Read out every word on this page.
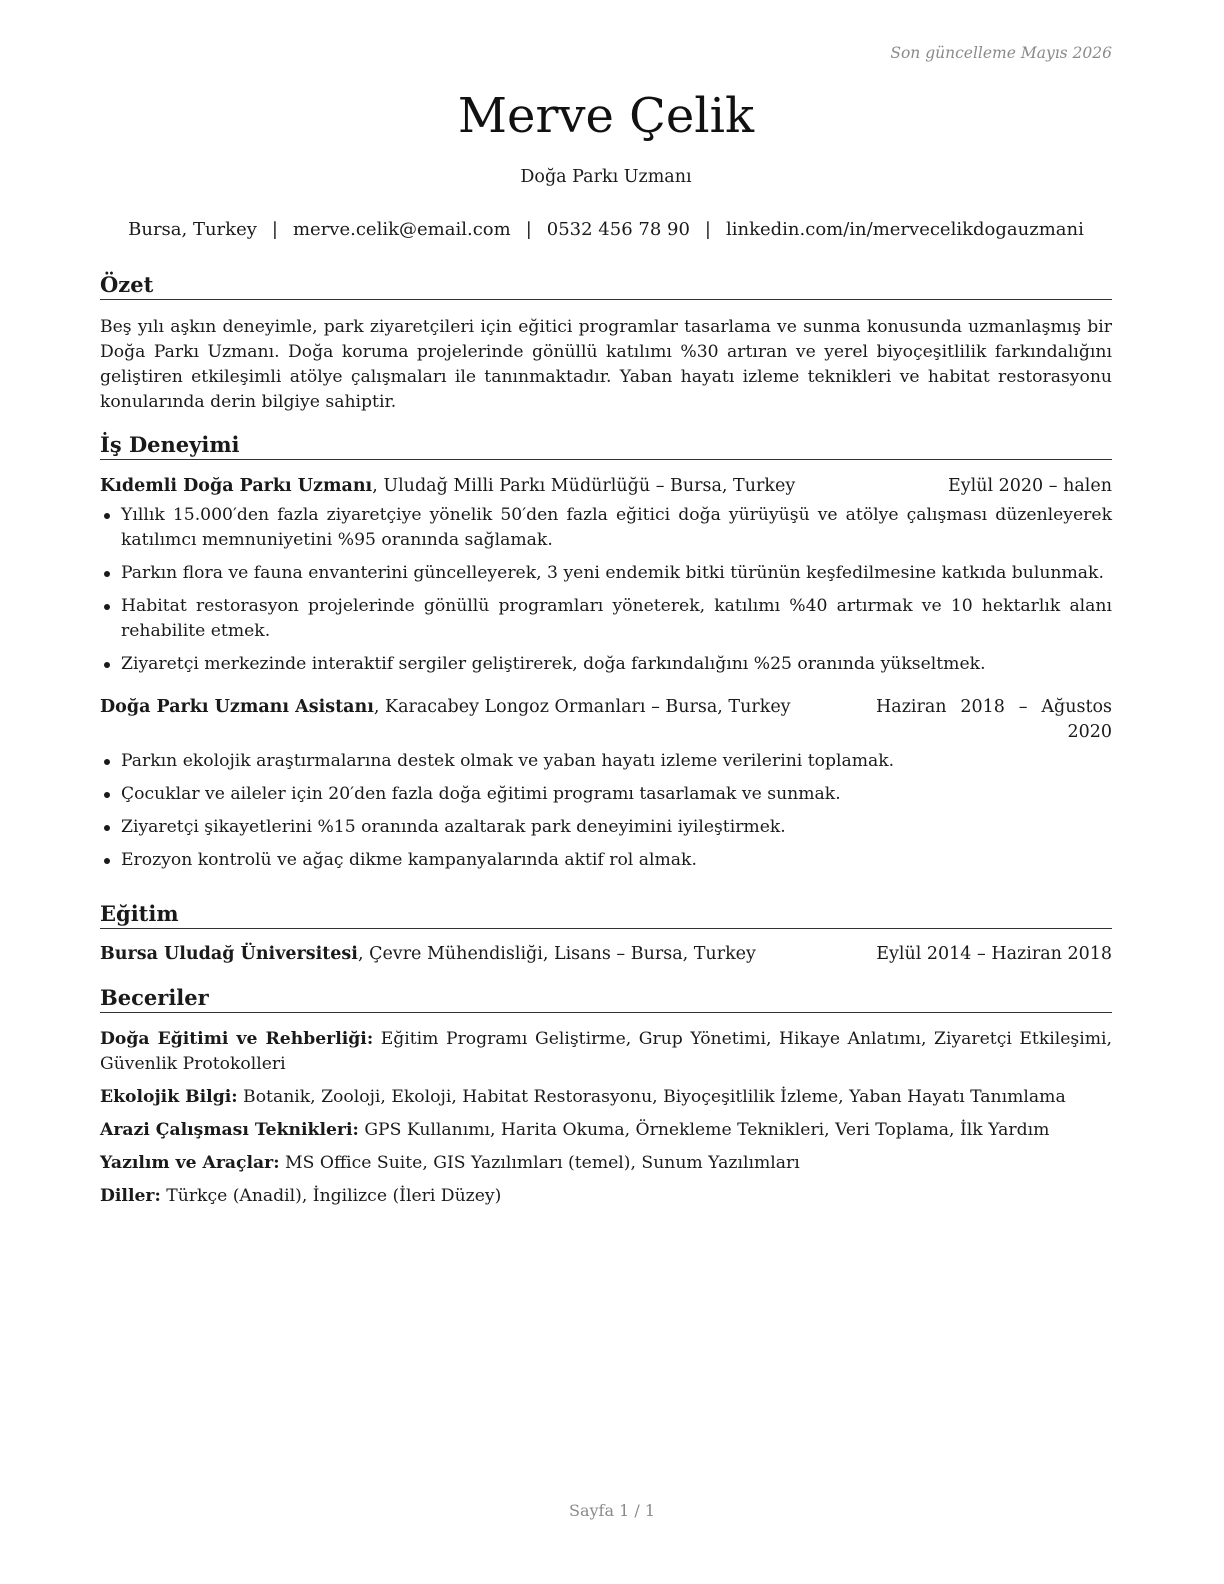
Son güncelleme Mayıs 2026
Merve Çelik
Doğa Parkı Uzmanı
Bursa, Turkey | merve.celik@email.com | 0532 456 78 90 | linkedin.com/in/mervecelikdogauzmani
Özet
Beş yılı aşkın deneyimle, park ziyaretçileri için eğitici programlar tasarlama ve sunma konusunda uzmanlaşmış bir Doğa Parkı Uzmanı. Doğa koruma projelerinde gönüllü katılımı %30 artıran ve yerel biyoçeşitlilik farkındalığını geliştiren etkileşimli atölye çalışmaları ile tanınmaktadır. Yaban hayatı izleme teknikleri ve habitat restorasyonu konularında derin bilgiye sahiptir.
İş Deneyimi
Kıdemli Doğa Parkı Uzmanı, Uludağ Milli Parkı Müdürlüğü – Bursa, Turkey	Eylül 2020 – halen
Yıllık 15.000′den fazla ziyaretçiye yönelik 50′den fazla eğitici doğa yürüyüşü ve atölye çalışması düzenleyerek katılımcı memnuniyetini %95 oranında sağlamak.
Parkın flora ve fauna envanterini güncelleyerek, 3 yeni endemik bitki türünün keşfedilmesine katkıda bulunmak.
Habitat restorasyon projelerinde gönüllü programları yöneterek, katılımı %40 artırmak ve 10 hektarlık alanı rehabilite etmek.
Ziyaretçi merkezinde interaktif sergiler geliştirerek, doğa farkındalığını %25 oranında yükseltmek.
Doğa Parkı Uzmanı Asistanı, Karacabey Longoz Ormanları – Bursa, Turkey	Haziran 2018 – Ağustos 2020
Parkın ekolojik araştırmalarına destek olmak ve yaban hayatı izleme verilerini toplamak.
Çocuklar ve aileler için 20′den fazla doğa eğitimi programı tasarlamak ve sunmak.
Ziyaretçi şikayetlerini %15 oranında azaltarak park deneyimini iyileştirmek.
Erozyon kontrolü ve ağaç dikme kampanyalarında aktif rol almak.
Eğitim
Bursa Uludağ Üniversitesi, Çevre Mühendisliği, Lisans – Bursa, Turkey	Eylül 2014 – Haziran 2018
Beceriler
Doğa Eğitimi ve Rehberliği: Eğitim Programı Geliştirme, Grup Yönetimi, Hikaye Anlatımı, Ziyaretçi Etkileşimi, Güvenlik Protokolleri
Ekolojik Bilgi: Botanik, Zooloji, Ekoloji, Habitat Restorasyonu, Biyoçeşitlilik İzleme, Yaban Hayatı Tanımlama
Arazi Çalışması Teknikleri: GPS Kullanımı, Harita Okuma, Örnekleme Teknikleri, Veri Toplama, İlk Yardım
Yazılım ve Araçlar: MS Office Suite, GIS Yazılımları (temel), Sunum Yazılımları
Diller: Türkçe (Anadil), İngilizce (İleri Düzey)
Sayfa 1 / 1
